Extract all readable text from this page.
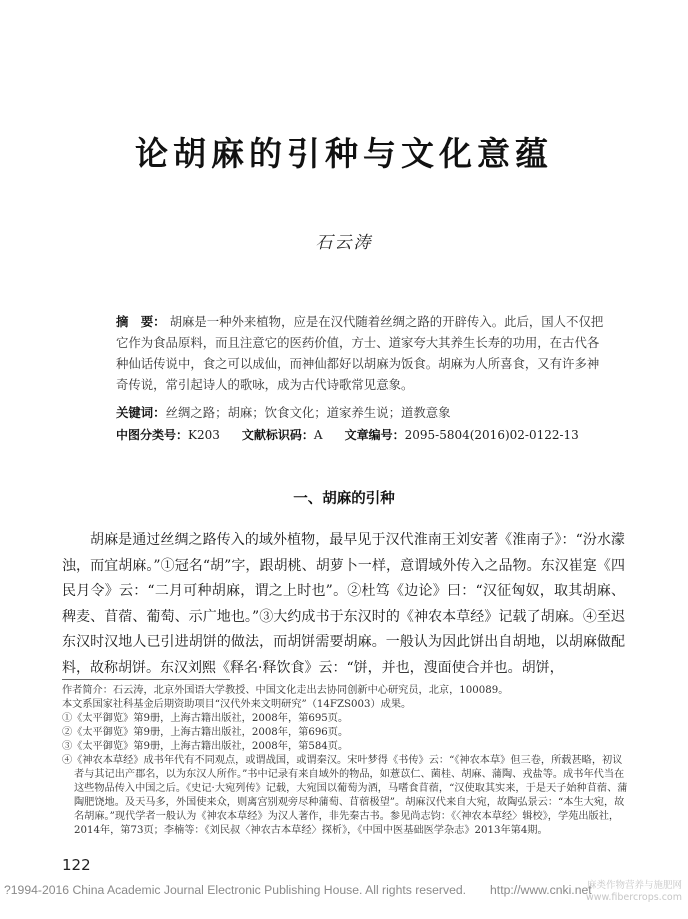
论胡麻的引种与文化意蕴
石云涛
摘　要： 胡麻是一种外来植物，应是在汉代随着丝绸之路的开辟传入。此后，国人不仅把它作为食品原料，而且注意它的医药价值，方士、道家夸大其养生长寿的功用，在古代各种仙话传说中，食之可以成仙，而神仙都好以胡麻为饭食。胡麻为人所喜食，又有许多神奇传说，常引起诗人的歌咏，成为古代诗歌常见意象。
关键词：丝绸之路；胡麻；饮食文化；道家养生说；道教意象
中图分类号：K203 文献标识码：A 文章编号：2095-5804(2016)02-0122-13
一、胡麻的引种
胡麻是通过丝绸之路传入的域外植物，最早见于汉代淮南王刘安著《淮南子》：“汾水濛浊，而宜胡麻。”①冠名“胡”字，跟胡桃、胡萝卜一样，意谓域外传入之品物。东汉崔寔《四民月令》云：“二月可种胡麻，谓之上时也”。②杜笃《边论》曰：“汉征匈奴，取其胡麻、稗麦、苜蓿、葡萄、示广地也。”③大约成书于东汉时的《神农本草经》记载了胡麻。④至迟东汉时汉地人已引进胡饼的做法，而胡饼需要胡麻。一般认为因此饼出自胡地，以胡麻做配料，故称胡饼。东汉刘熙《释名·释饮食》云：“饼，并也，溲面使合并也。胡饼，

作者简介：石云涛，北京外国语大学教授、中国文化走出去协同创新中心研究员，北京，100089。

本文系国家社科基金后期资助项目“汉代外来文明研究”（14FZS003）成果。

①《太平御览》第9册，上海古籍出版社，2008年，第695页。

②《太平御览》第9册，上海古籍出版社，2008年，第696页。

③《太平御览》第9册，上海古籍出版社，2008年，第584页。

④《神农本草经》成书年代有不同观点，或谓战国，或谓秦汉。宋叶梦得《书传》云：“《神农本草》但三卷，所载甚略，初议者与其记出产郡名，以为东汉人所作。”书中记录有来自域外的物品，如薏苡仁、菌桂、胡麻、蒲陶、戎盐等。成书年代当在这些物品传入中国之后。《史记·大宛列传》记载，大宛国以葡萄为酒，马嗜食苜蓿，“汉使取其实来，于是天子始种苜蓿、蒲陶肥饶地。及天马多，外国使来众，则离宫别观旁尽种蒲萄、苜蓿极望”。胡麻汉代来自大宛，故陶弘景云：“本生大宛，故名胡麻。”现代学者一般认为《神农本草经》为汉人著作，非先秦古书。参见尚志钧：《〈神农本草经〉辑校》，学苑出版社，2014年，第73页；李楠等：《刘民叔〈神农古本草经〉探析》，《中国中医基础医学杂志》2013年第4期。

122
?1994-2016 China Academic Journal Electronic Publishing House. All rights reserved. http://www.cnki.net
麻类作物营养与施肥网
www.fibercrops.com
